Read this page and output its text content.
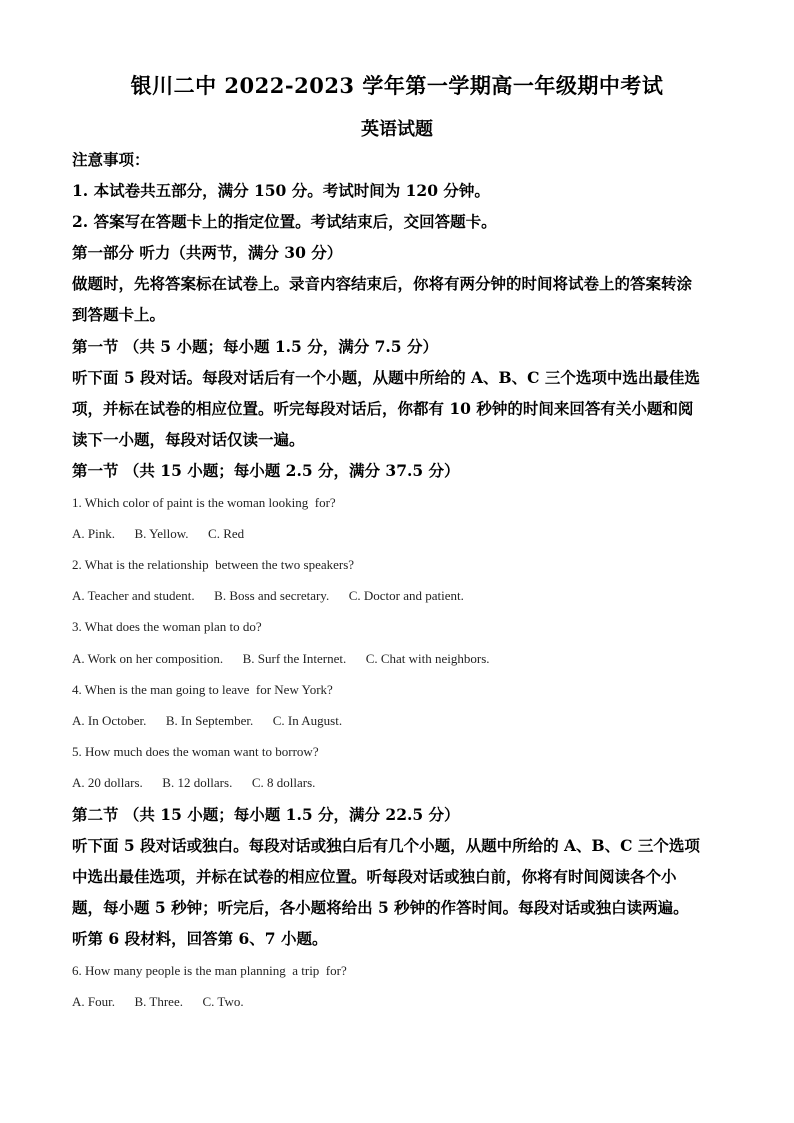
银川二中 2022-2023 学年第一学期高一年级期中考试
英语试题
注意事项：
1. 本试卷共五部分，满分 150 分。考试时间为 120 分钟。
2. 答案写在答题卡上的指定位置。考试结束后，交回答题卡。
第一部分 听力（共两节，满分 30 分）
做题时，先将答案标在试卷上。录音内容结束后，你将有两分钟的时间将试卷上的答案转涂
到答题卡上。
第一节 （共 5 小题；每小题 1.5 分，满分 7.5 分）
听下面 5 段对话。每段对话后有一个小题，从题中所给的 A、B、C 三个选项中选出最佳选
项，并标在试卷的相应位置。听完每段对话后，你都有 10 秒钟的时间来回答有关小题和阅
读下一小题，每段对话仅读一遍。
第一节 （共 15 小题；每小题 2.5 分，满分 37.5 分）
1. Which color of paint is the woman looking  for?
A. Pink.      B. Yellow.      C. Red
2. What is the relationship  between the two speakers?
A. Teacher and student.      B. Boss and secretary.      C. Doctor and patient.
3. What does the woman plan to do?
A. Work on her composition.      B. Surf the Internet.      C. Chat with neighbors.
4. When is the man going to leave  for New York?
A. In October.      B. In September.      C. In August.
5. How much does the woman want to borrow?
A. 20 dollars.      B. 12 dollars.      C. 8 dollars.
第二节 （共 15 小题；每小题 1.5 分，满分 22.5 分）
听下面 5 段对话或独白。每段对话或独白后有几个小题，从题中所给的 A、B、C 三个选项
中选出最佳选项，并标在试卷的相应位置。听每段对话或独白前，你将有时间阅读各个小
题，每小题 5 秒钟；听完后，各小题将给出 5 秒钟的作答时间。每段对话或独白读两遍。
听第 6 段材料，回答第 6、7 小题。
6. How many people is the man planning  a trip  for?
A. Four.      B. Three.      C. Two.
